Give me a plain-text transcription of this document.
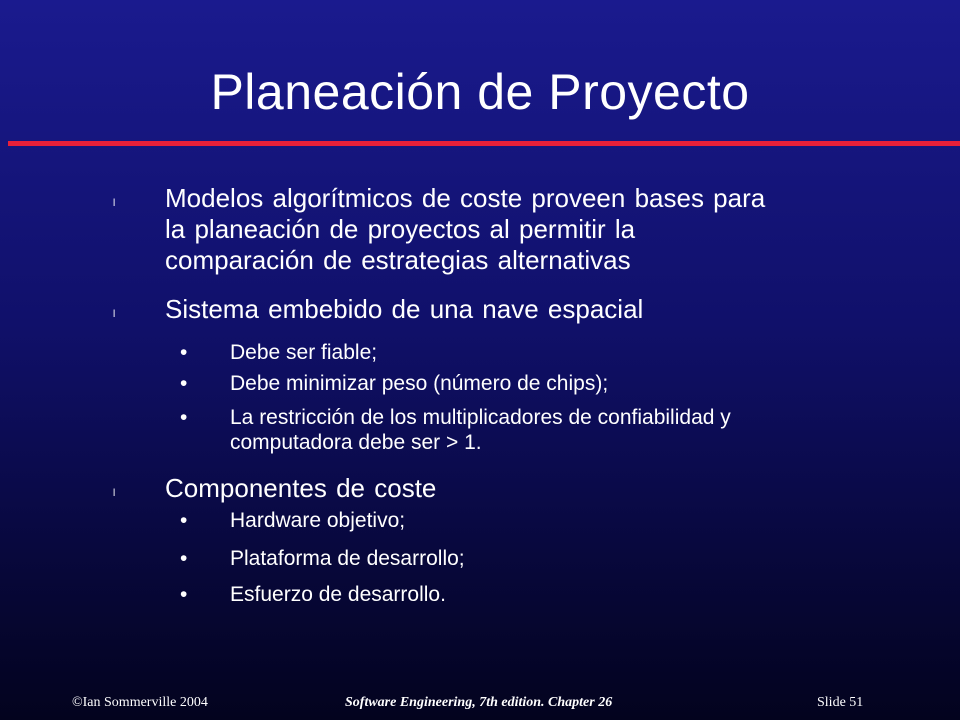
Planeación de Proyecto
l Modelos algorítmicos de coste proveen bases para
la planeación de proyectos al permitir la
comparación de estrategias alternativas
l Sistema embebido de una nave espacial
• Debe ser fiable;
• Debe minimizar peso (número de chips);
• La restricción de los multiplicadores de confiabilidad y
computadora debe ser > 1.
l Componentes de coste
• Hardware objetivo;
• Plataforma de desarrollo;
• Esfuerzo de desarrollo.
©Ian Sommerville 2004	Software Engineering, 7th edition. Chapter 26	Slide 51
